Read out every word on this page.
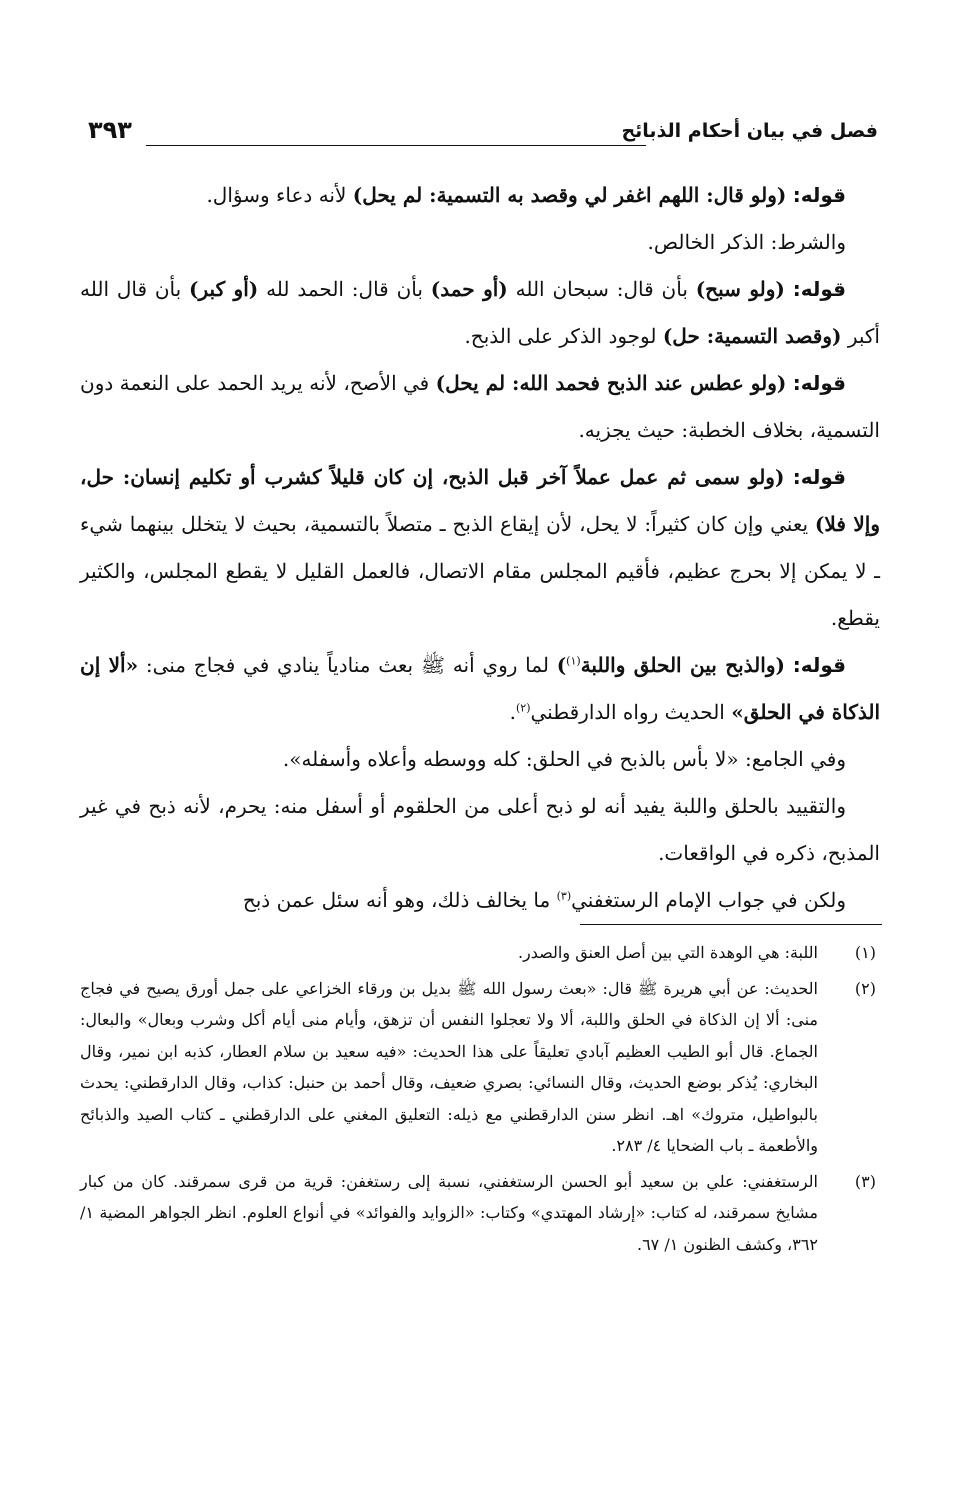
فصل في بيان أحكام الذبائح
٣٩٣

قوله: (ولو قال: اللهم اغفر لي وقصد به التسمية: لم يحل) لأنه دعاء وسؤال.

والشرط: الذكر الخالص.

قوله: (ولو سبح) بأن قال: سبحان الله (أو حمد) بأن قال: الحمد لله (أو كبر) بأن قال الله أكبر (وقصد التسمية: حل) لوجود الذكر على الذبح.

قوله: (ولو عطس عند الذبح فحمد الله: لم يحل) في الأصح، لأنه يريد الحمد على النعمة دون التسمية، بخلاف الخطبة: حيث يجزيه.

قوله: (ولو سمى ثم عمل عملاً آخر قبل الذبح، إن كان قليلاً كشرب أو تكليم إنسان: حل، وإلا فلا) يعني وإن كان كثيراً: لا يحل، لأن إيقاع الذبح ـ متصلاً بالتسمية، بحيث لا يتخلل بينهما شيء ـ لا يمكن إلا بحرج عظيم، فأقيم المجلس مقام الاتصال، فالعمل القليل لا يقطع المجلس، والكثير يقطع.

قوله: (والذبح بين الحلق واللبة$^{(١)}$) لما روي أنه ﷺ بعث منادياً ينادي في فجاج منى: «ألا إن الذكاة في الحلق» الحديث رواه الدارقطني$^{(٢)}$.

وفي الجامع: «لا بأس بالذبح في الحلق: كله ووسطه وأعلاه وأسفله».

والتقييد بالحلق واللبة يفيد أنه لو ذبح أعلى من الحلقوم أو أسفل منه: يحرم، لأنه ذبح في غير المذبح، ذكره في الواقعات.

ولكن في جواب الإمام الرستغفني$^{(٣)}$ ما يخالف ذلك، وهو أنه سئل عمن ذبح

(١)
اللبة: هي الوهدة التي بين أصل العنق والصدر.

(٢)
الحديث: عن أبي هريرة ﷺ قال: «بعث رسول الله ﷺ بديل بن ورقاء الخزاعي على جمل أورق يصيح في فجاج منى: ألا إن الذكاة في الحلق واللبة، ألا ولا تعجلوا النفس أن تزهق، وأيام منى أيام أكل وشرب وبعال» والبعال: الجماع. قال أبو الطيب العظيم آبادي تعليقاً على هذا الحديث: «فيه سعيد بن سلام العطار، كذبه ابن نمير، وقال البخاري: يُذكر بوضع الحديث، وقال النسائي: بصري ضعيف، وقال أحمد بن حنبل: كذاب، وقال الدارقطني: يحدث بالبواطيل، متروك» اهـ. انظر سنن الدارقطني مع ذيله: التعليق المغني على الدارقطني ـ كتاب الصيد والذبائح والأطعمة ـ باب الضحايا ٤/ ٢٨٣.

(٣)
الرستغفني: علي بن سعيد أبو الحسن الرستغفني، نسبة إلى رستغفن: قرية من قرى سمرقند. كان من كبار مشايخ سمرقند، له كتاب: «إرشاد المهتدي» وكتاب: «الزوايد والفوائد» في أنواع العلوم. انظر الجواهر المضية ١/ ٣٦٢، وكشف الظنون ١/ ٦٧.
